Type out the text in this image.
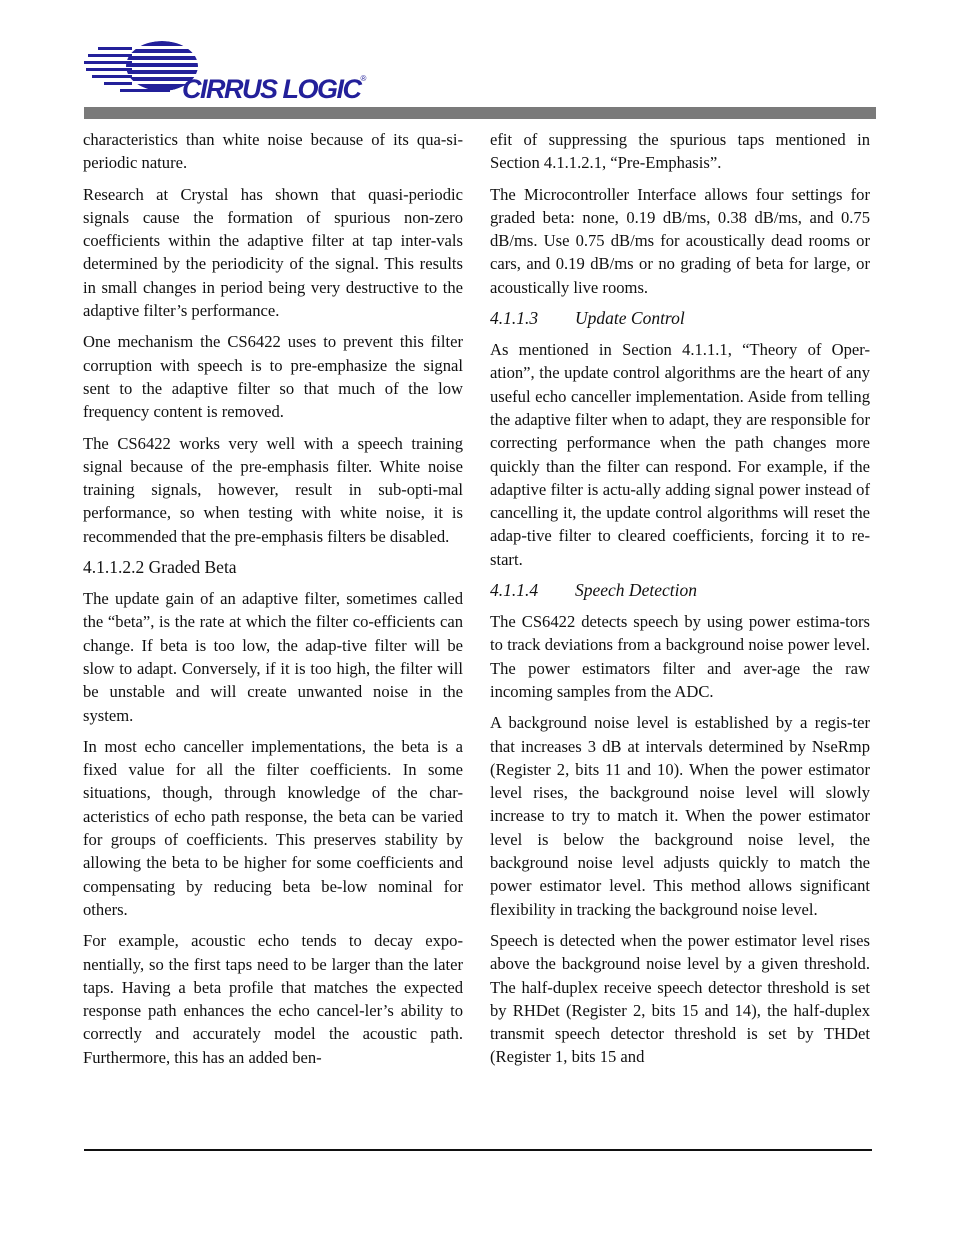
CIRRUS LOGIC®

characteristics than white noise because of its qua-si-periodic nature.

Research at Crystal has shown that quasi-periodic signals cause the formation of spurious non-zero coefficients within the adaptive filter at tap inter-vals determined by the periodicity of the signal. This results in small changes in period being very destructive to the adaptive filter’s performance.

One mechanism the CS6422 uses to prevent this filter corruption with speech is to pre-emphasize the signal sent to the adaptive filter so that much of the low frequency content is removed.

The CS6422 works very well with a speech training signal because of the pre-emphasis filter. White noise training signals, however, result in sub-opti-mal performance, so when testing with white noise, it is recommended that the pre-emphasis filters be disabled.

4.1.1.2.2 Graded Beta

The update gain of an adaptive filter, sometimes called the “beta”, is the rate at which the filter co-efficients can change. If beta is too low, the adap-tive filter will be slow to adapt. Conversely, if it is too high, the filter will be unstable and will create unwanted noise in the system.

In most echo canceller implementations, the beta is a fixed value for all the filter coefficients. In some situations, though, through knowledge of the char-acteristics of echo path response, the beta can be varied for groups of coefficients. This preserves stability by allowing the beta to be higher for some coefficients and compensating by reducing beta be-low nominal for others.

For example, acoustic echo tends to decay expo-nentially, so the first taps need to be larger than the later taps. Having a beta profile that matches the expected response path enhances the echo cancel-ler’s ability to correctly and accurately model the acoustic path. Furthermore, this has an added ben-

efit of suppressing the spurious taps mentioned in Section 4.1.1.2.1, “Pre-Emphasis”.

The Microcontroller Interface allows four settings for graded beta: none, 0.19 dB/ms, 0.38 dB/ms, and 0.75 dB/ms. Use 0.75 dB/ms for acoustically dead rooms or cars, and 0.19 dB/ms or no grading of beta for large, or acoustically live rooms.

4.1.1.3 Update Control

As mentioned in Section 4.1.1.1, “Theory of Oper-ation”, the update control algorithms are the heart of any useful echo canceller implementation. Aside from telling the adaptive filter when to adapt, they are responsible for correcting performance when the path changes more quickly than the filter can respond. For example, if the adaptive filter is actu-ally adding signal power instead of cancelling it, the update control algorithms will reset the adap-tive filter to cleared coefficients, forcing it to re-start.

4.1.1.4 Speech Detection

The CS6422 detects speech by using power estima-tors to track deviations from a background noise power level. The power estimators filter and aver-age the raw incoming samples from the ADC.

A background noise level is established by a regis-ter that increases 3 dB at intervals determined by NseRmp (Register 2, bits 11 and 10). When the power estimator level rises, the background noise level will slowly increase to try to match it. When the power estimator level is below the background noise level, the background noise level adjusts quickly to match the power estimator level. This method allows significant flexibility in tracking the background noise level.

Speech is detected when the power estimator level rises above the background noise level by a given threshold. The half-duplex receive speech detector threshold is set by RHDet (Register 2, bits 15 and 14), the half-duplex transmit speech detector threshold is set by THDet (Register 1, bits 15 and
